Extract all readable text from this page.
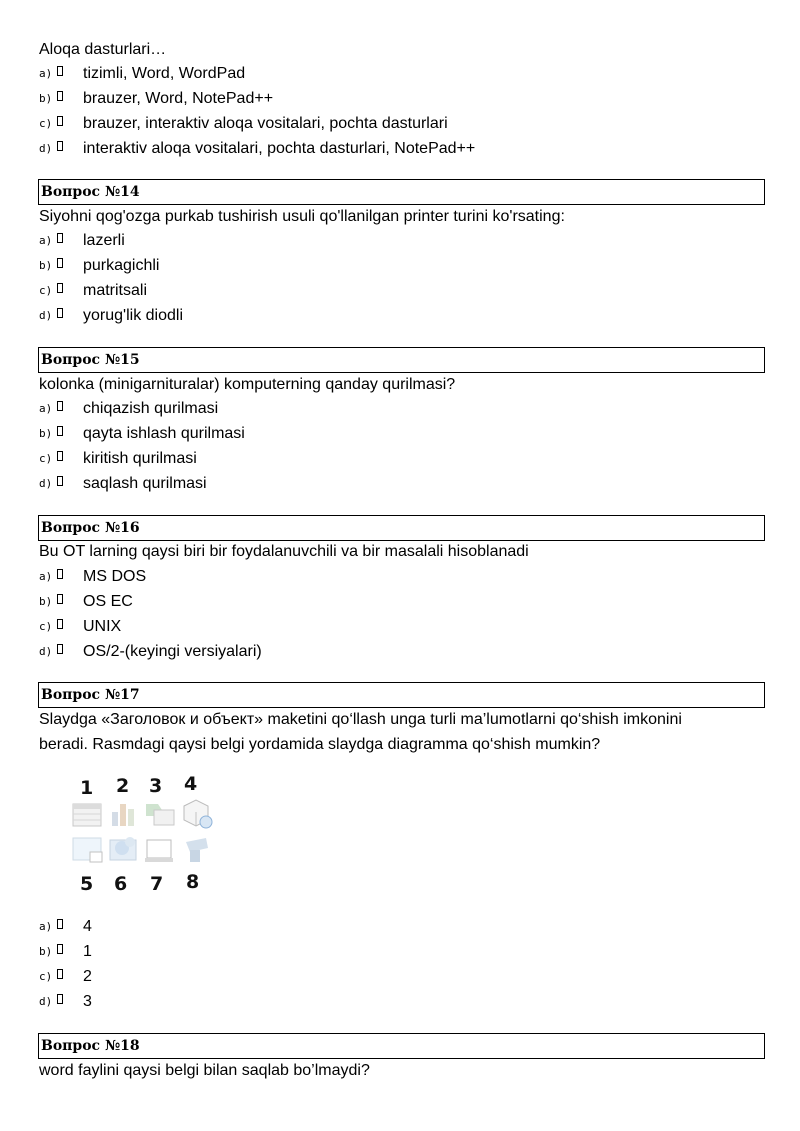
Aloqa dasturlari…
a) tizimli, Word, WordPad
b) brauzer, Word, NotePad++
c) brauzer, interaktiv aloqa vositalari, pochta dasturlari
d) interaktiv aloqa vositalari, pochta dasturlari, NotePad++
Вопрос №14
Siyohni qog'ozga purkab tushirish usuli qo'llanilgan printer turini ko'rsating:
a) lazerli
b) purkagichli
c) matritsali
d) yorug'lik diodli
Вопрос №15
kolonka (minigarnituralar) komputerning qanday qurilmasi?
a) chiqazish qurilmasi
b) qayta ishlash qurilmasi
c) kiritish qurilmasi
d) saqlash qurilmasi
Вопрос №16
Bu OT larning qaysi biri bir foydalanuvchili va bir masalali hisoblanadi
a) MS DOS
b) OS EC
c) UNIX
d) OS/2-(keyingi versiyalari)
Вопрос №17
Slaydga «Заголовок и объект» maketini qo‘llash unga turli ma’lumotlarni qo‘shish imkonini
beradi. Rasmdagi qaysi belgi yordamida slaydga diagramma qo‘shish mumkin?
1 2 3 4
5 6 7 8
a) 4
b) 1
c) 2
d) 3
Вопрос №18
word faylini qaysi belgi bilan saqlab bo’lmaydi?
